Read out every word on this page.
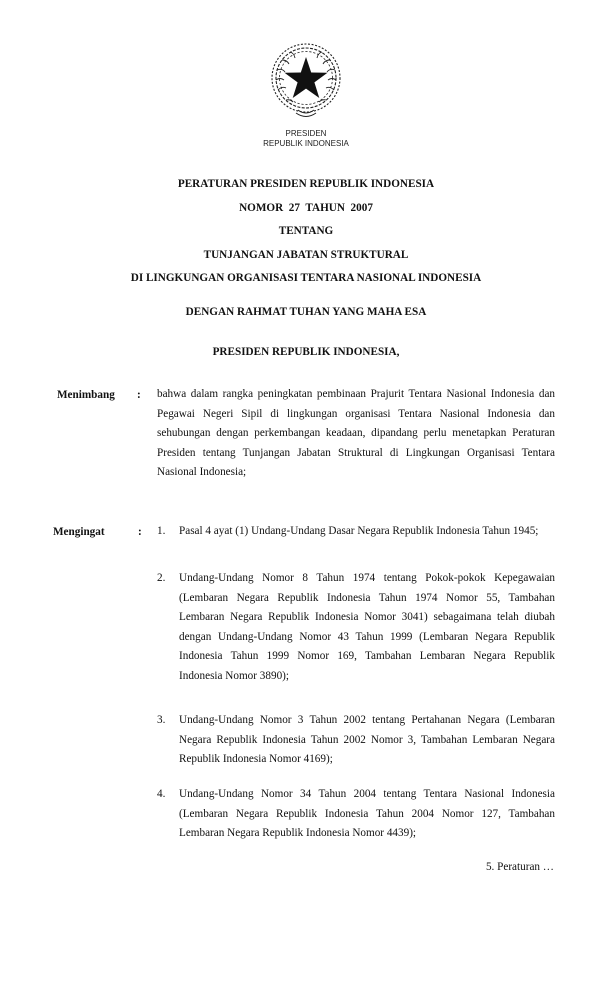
PRESIDEN
REPUBLIK INDONESIA
PERATURAN PRESIDEN REPUBLIK INDONESIA
NOMOR  27  TAHUN  2007
TENTANG
TUNJANGAN JABATAN STRUKTURAL
DI LINGKUNGAN ORGANISASI TENTARA NASIONAL INDONESIA
DENGAN RAHMAT TUHAN YANG MAHA ESA
PRESIDEN REPUBLIK INDONESIA,
Menimbang : bahwa dalam rangka peningkatan pembinaan Prajurit Tentara Nasional Indonesia dan Pegawai Negeri Sipil di lingkungan organisasi Tentara Nasional Indonesia dan sehubungan dengan perkembangan keadaan, dipandang perlu menetapkan Peraturan Presiden tentang Tunjangan Jabatan Struktural di Lingkungan Organisasi Tentara Nasional Indonesia;
Mengingat	: 1. Pasal 4 ayat (1) Undang-Undang Dasar Negara Republik Indonesia Tahun 1945;
2. Undang-Undang Nomor 8 Tahun 1974 tentang Pokok-pokok Kepegawaian (Lembaran Negara Republik Indonesia Tahun 1974 Nomor 55, Tambahan Lembaran Negara Republik Indonesia Nomor 3041) sebagaimana telah diubah dengan Undang-Undang Nomor 43 Tahun 1999 (Lembaran Negara Republik Indonesia Tahun 1999 Nomor 169, Tambahan Lembaran Negara Republik Indonesia Nomor 3890);
3. Undang-Undang Nomor 3 Tahun 2002 tentang Pertahanan Negara (Lembaran Negara Republik Indonesia Tahun 2002 Nomor 3, Tambahan Lembaran Negara Republik Indonesia Nomor 4169);
4. Undang-Undang Nomor 34 Tahun 2004 tentang Tentara Nasional Indonesia (Lembaran Negara Republik Indonesia Tahun 2004 Nomor 127, Tambahan Lembaran Negara Republik Indonesia Nomor 4439);
5. Peraturan …
